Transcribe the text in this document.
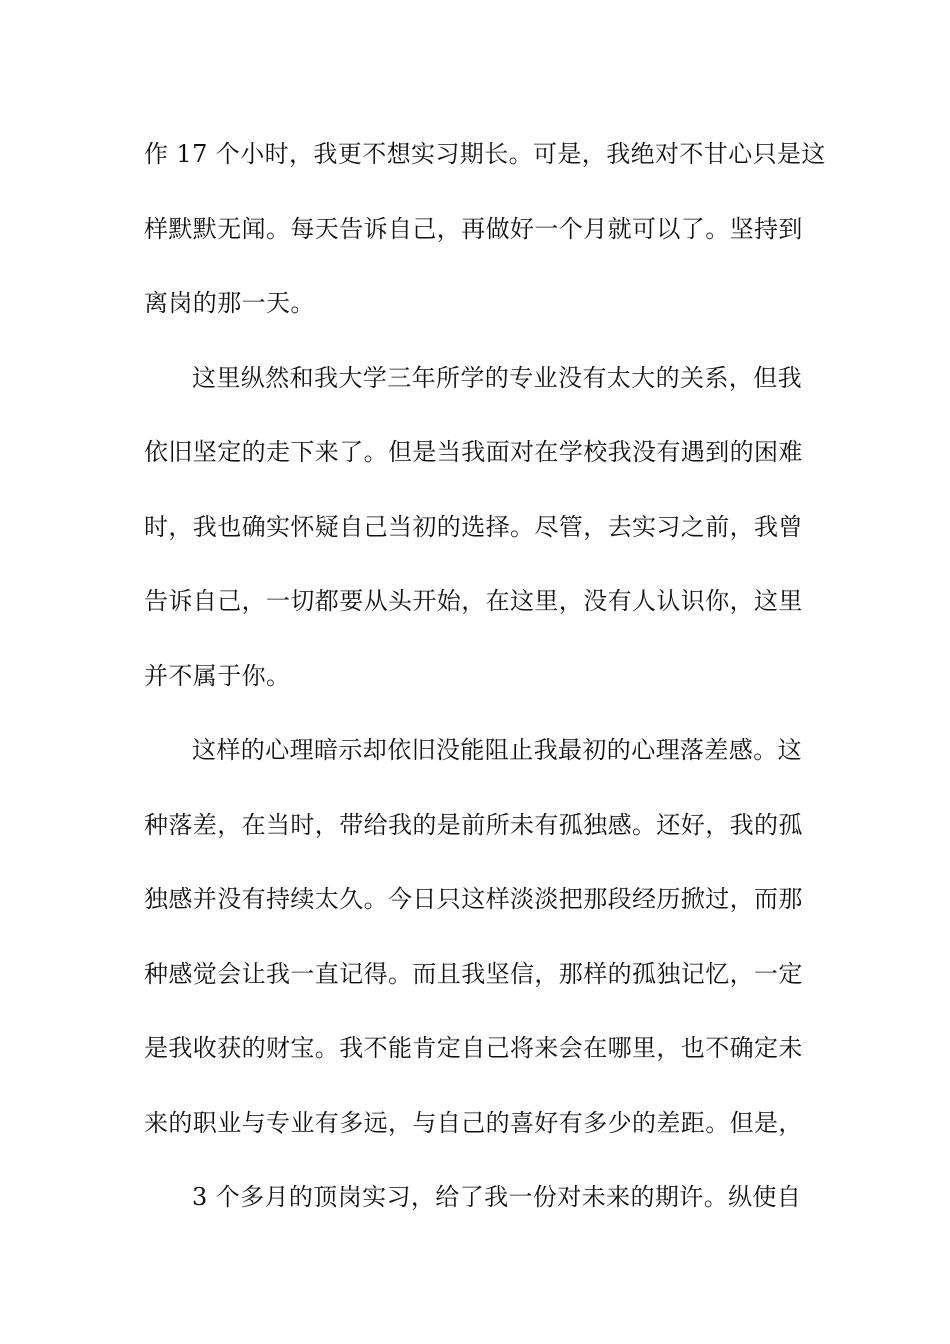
作 17 个小时，我更不想实习期长。可是，我绝对不甘心只是这
样默默无闻。每天告诉自己，再做好一个月就可以了。坚持到
离岗的那一天。
这里纵然和我大学三年所学的专业没有太大的关系，但我
依旧坚定的走下来了。但是当我面对在学校我没有遇到的困难
时，我也确实怀疑自己当初的选择。尽管，去实习之前，我曾
告诉自己，一切都要从头开始，在这里，没有人认识你，这里
并不属于你。
这样的心理暗示却依旧没能阻止我最初的心理落差感。这
种落差，在当时，带给我的是前所未有孤独感。还好，我的孤
独感并没有持续太久。今日只这样淡淡把那段经历掀过，而那
种感觉会让我一直记得。而且我坚信，那样的孤独记忆，一定
是我收获的财宝。我不能肯定自己将来会在哪里，也不确定未
来的职业与专业有多远，与自己的喜好有多少的差距。但是，
3 个多月的顶岗实习，给了我一份对未来的期许。纵使自
